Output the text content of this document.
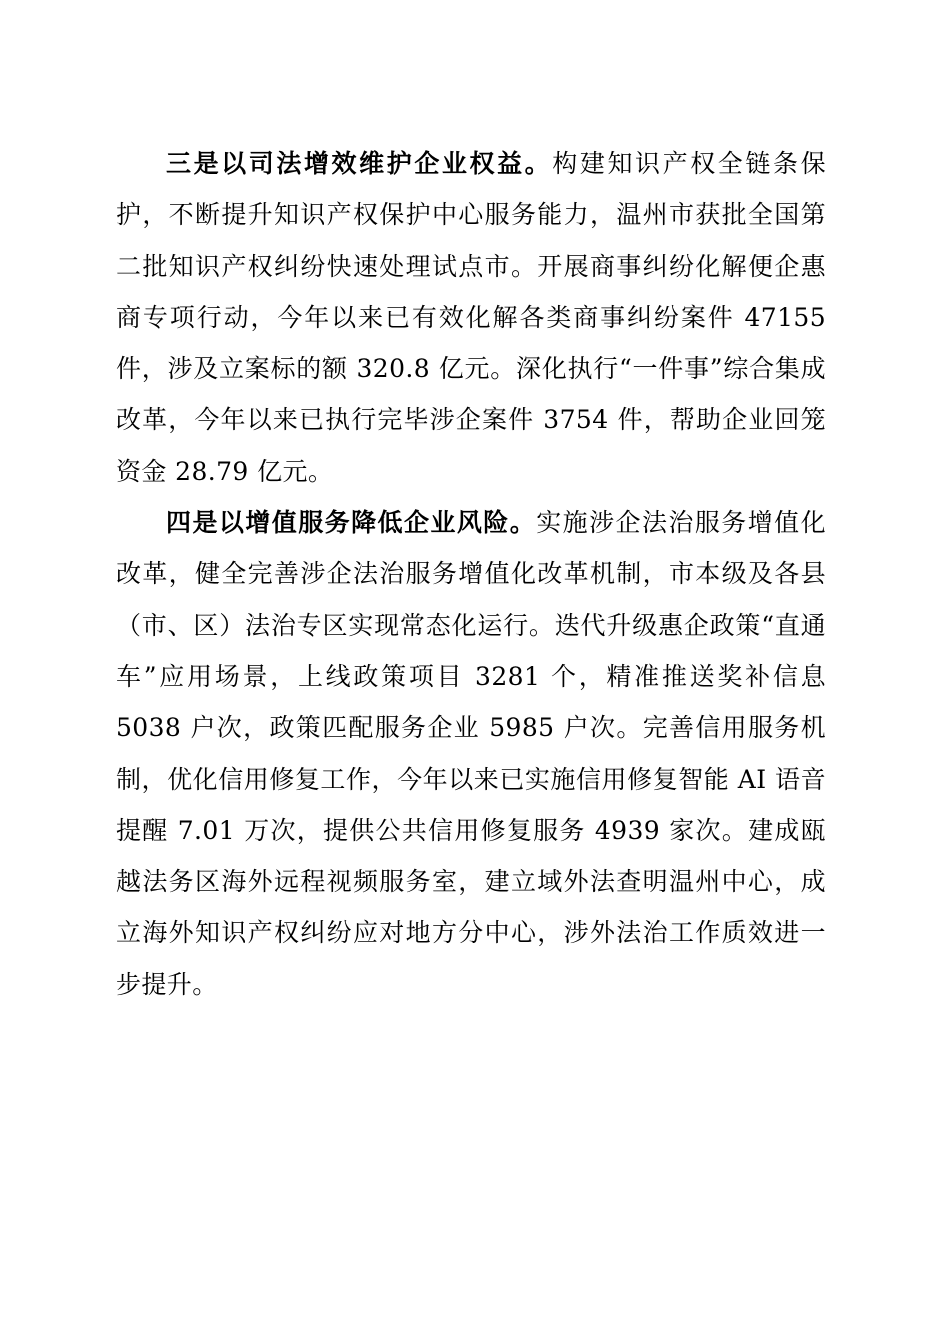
三是以司法增效维护企业权益。构建知识产权全链条保护，不断提升知识产权保护中心服务能力，温州市获批全国第二批知识产权纠纷快速处理试点市。开展商事纠纷化解便企惠商专项行动，今年以来已有效化解各类商事纠纷案件 47155 件，涉及立案标的额 320.8 亿元。深化执行“一件事”综合集成改革，今年以来已执行完毕涉企案件 3754 件，帮助企业回笼资金 28.79 亿元。

四是以增值服务降低企业风险。实施涉企法治服务增值化改革，健全完善涉企法治服务增值化改革机制，市本级及各县（市、区）法治专区实现常态化运行。迭代升级惠企政策“直通车”应用场景，上线政策项目 3281 个，精准推送奖补信息 5038 户次，政策匹配服务企业 5985 户次。完善信用服务机制，优化信用修复工作，今年以来已实施信用修复智能 AI 语音提醒 7.01 万次，提供公共信用修复服务 4939 家次。建成瓯越法务区海外远程视频服务室，建立域外法查明温州中心，成立海外知识产权纠纷应对地方分中心，涉外法治工作质效进一步提升。
